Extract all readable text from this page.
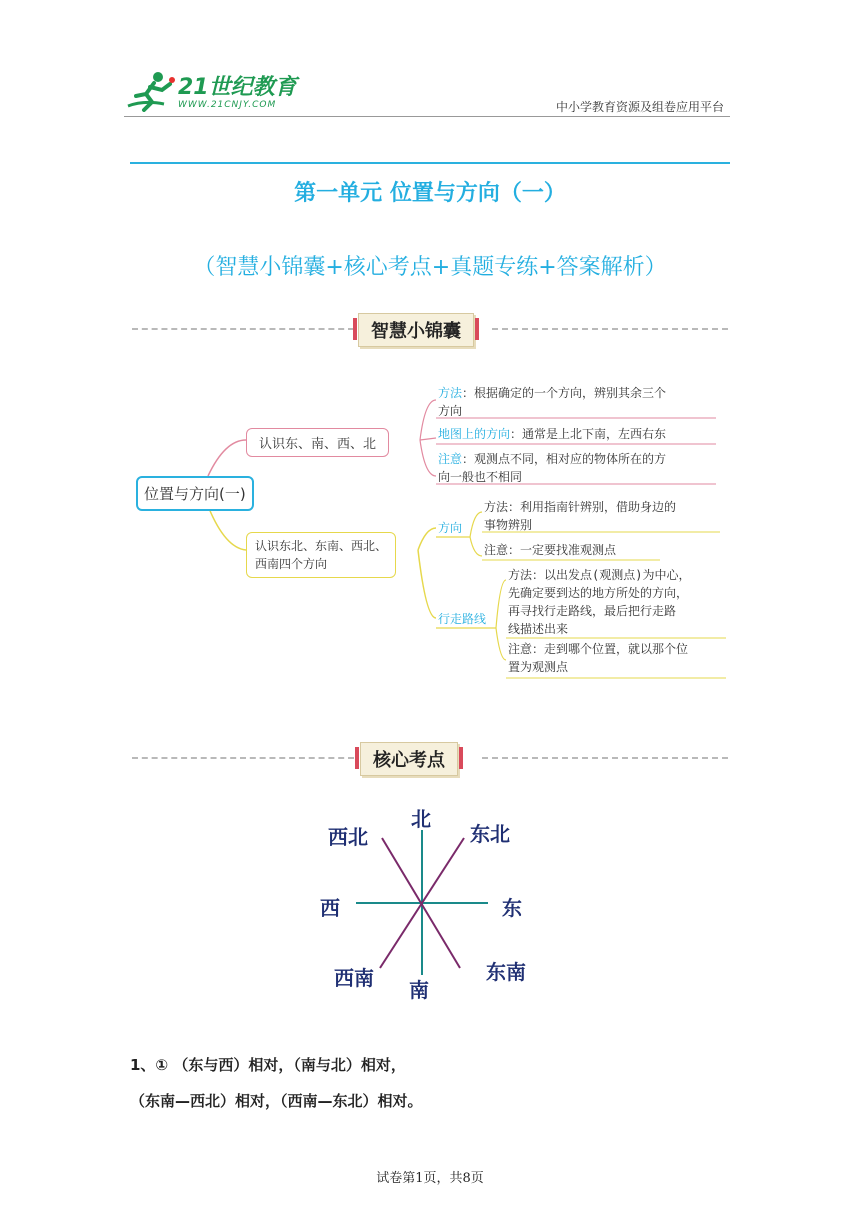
21世纪教育
WWW.21CNJY.COM	中小学教育资源及组卷应用平台
第一单元 位置与方向（一）
（智慧小锦囊+核心考点+真题专练+答案解析）
智慧小锦囊
位置与方向(一)
认识东、南、西、北
方法：根据确定的一个方向，辨别其余三个
方向
地图上的方向：通常是上北下南，左西右东
注意：观测点不同，相对应的物体所在的方
向一般也不相同
认识东北、东南、西北、
西南四个方向
方向
行走路线
方法：利用指南针辨别，借助身边的
事物辨别
注意：一定要找准观测点
方法：以出发点(观测点)为中心，
先确定要到达的地方所处的方向，
再寻找行走路线，最后把行走路
线描述出来
注意：走到哪个位置，就以那个位
置为观测点
核心考点
北
南
东
西
东北
西北
东南
西南
1、① （东与西）相对，（南与北）相对，
（东南—西北）相对，（西南—东北）相对。
试卷第1页，共8页
